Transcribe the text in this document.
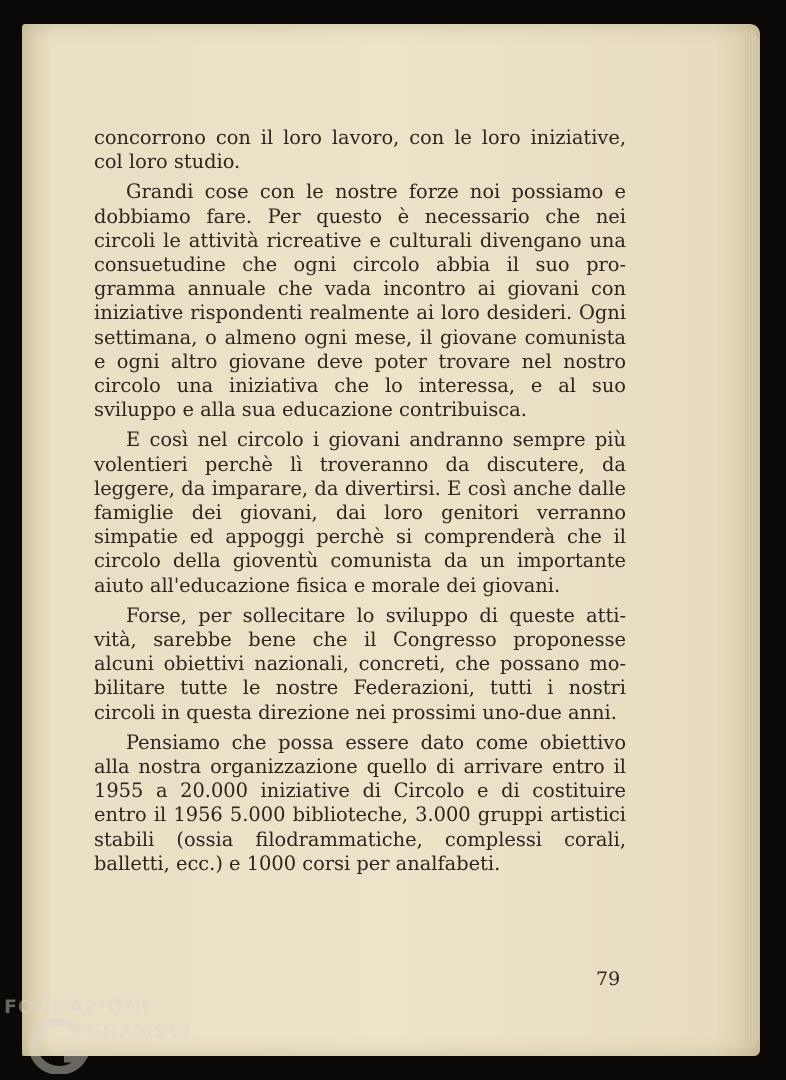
concorrono con il loro lavoro, con le loro iniziative, col loro studio.

Grandi cose con le nostre forze noi possiamo e dobbiamo fare. Per questo è necessario che nei circoli le attività ricreative e culturali divengano una consuetudine che ogni circolo abbia il suo programma annuale che vada incontro ai giovani con iniziative rispondenti realmente ai loro desideri. Ogni settimana, o almeno ogni mese, il giovane comunista e ogni altro giovane deve poter trovare nel nostro circolo una iniziativa che lo interessa, e al suo sviluppo e alla sua educazione contribuisca.

E così nel circolo i giovani andranno sempre più volentieri perchè lì troveranno da discutere, da leggere, da imparare, da divertirsi. E così anche dalle famiglie dei giovani, dai loro genitori verranno simpatie ed appoggi perchè si comprenderà che il circolo della gioventù comunista da un importante aiuto all'educazione fisica e morale dei giovani.

Forse, per sollecitare lo sviluppo di queste attività, sarebbe bene che il Congresso proponesse alcuni obiettivi nazionali, concreti, che possano mobilitare tutte le nostre Federazioni, tutti i nostri circoli in questa direzione nei prossimi uno-due anni.

Pensiamo che possa essere dato come obiettivo alla nostra organizzazione quello di arrivare entro il 1955 a 20.000 iniziative di Circolo e di costituire entro il 1956 5.000 biblioteche, 3.000 gruppi artistici stabili (ossia filodrammatiche, complessi corali, balletti, ecc.) e 1000 corsi per analfabeti.

79
FONDAZIONE
GRAMSCI
onlus
